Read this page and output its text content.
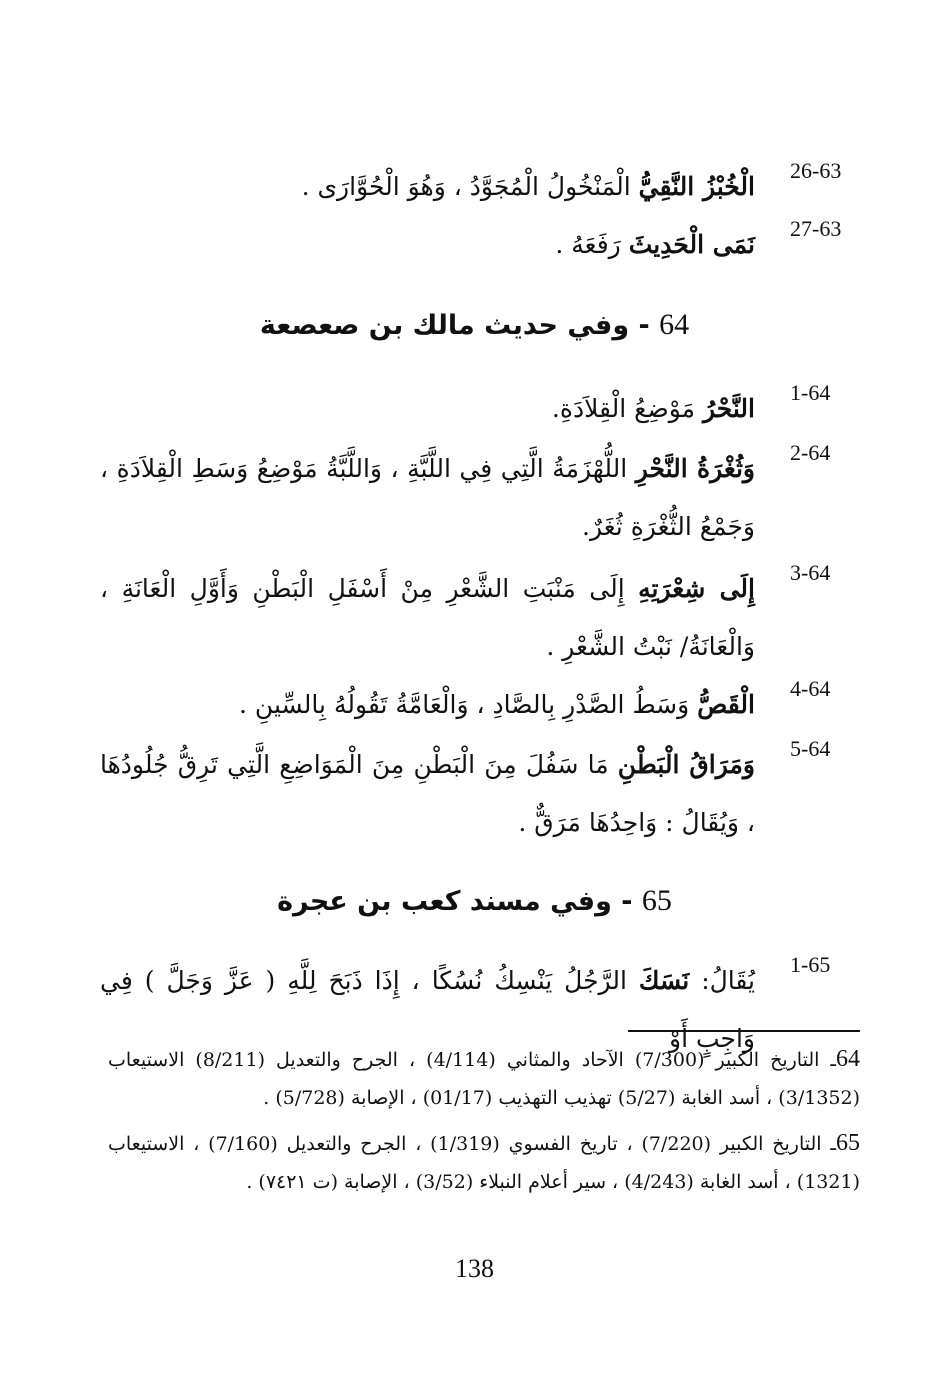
26-63
الْخُبْزُ النَّقِيُّ الْمَنْخُولُ الْمُجَوَّدُ ، وَهُوَ الْحُوَّارَى .
27-63
نَمَى الْحَدِيثَ رَفَعَهُ .
64 - وفي حديث مالك بن صعصعة
1-64
النَّحْرُ مَوْضِعُ الْقِلاَدَةِ.
2-64
وَثُغْرَةُ النَّحْرِ اللُّهْزَمَةُ الَّتِي فِي اللَّبَّةِ ، وَاللَّبَّةُ مَوْضِعُ وَسَطِ الْقِلاَدَةِ ، وَجَمْعُ الثُّغْرَةِ ثُغَرٌ.
3-64
إِلَى شِعْرَتِهِ إِلَى مَنْبَتِ الشَّعْرِ مِنْ أَسْفَلِ الْبَطْنِ وَأَوَّلِ الْعَانَةِ ، وَالْعَانَةُ/ نَبْتُ الشَّعْرِ .
4-64
الْقَصُّ وَسَطُ الصَّدْرِ بِالصَّادِ ، وَالْعَامَّةُ تَقُولُهُ بِالسِّينِ .
5-64
وَمَرَاقُ الْبَطْنِ مَا سَفُلَ مِنَ الْبَطْنِ مِنَ الْمَوَاضِعِ الَّتِي تَرِقُّ جُلُودُهَا ، وَيُقَالُ : وَاحِدُهَا مَرَقٌّ .
65 - وفي مسند كعب بن عجرة
1-65
يُقَالُ: نَسَكَ الرَّجُلُ يَنْسِكُ نُسُكًا ، إِذَا ذَبَحَ لِلَّهِ ( عَزَّ وَجَلَّ ) فِي وَاجِبٍ أَوْ
64ـ التاريخ الكبير (7/300) الآحاد والمثاني (4/114) ، الجرح والتعديل (8/211) الاستيعاب (3/1352) ، أسد الغابة (5/27) تهذيب التهذيب (01/17) ، الإصابة (5/728) .
65ـ التاريخ الكبير (7/220) ، تاريخ الفسوي (1/319) ، الجرح والتعديل (7/160) ، الاستيعاب (1321) ، أسد الغابة (4/243) ، سير أعلام النبلاء (3/52) ، الإصابة (ت ٧٤٢١) .
138
